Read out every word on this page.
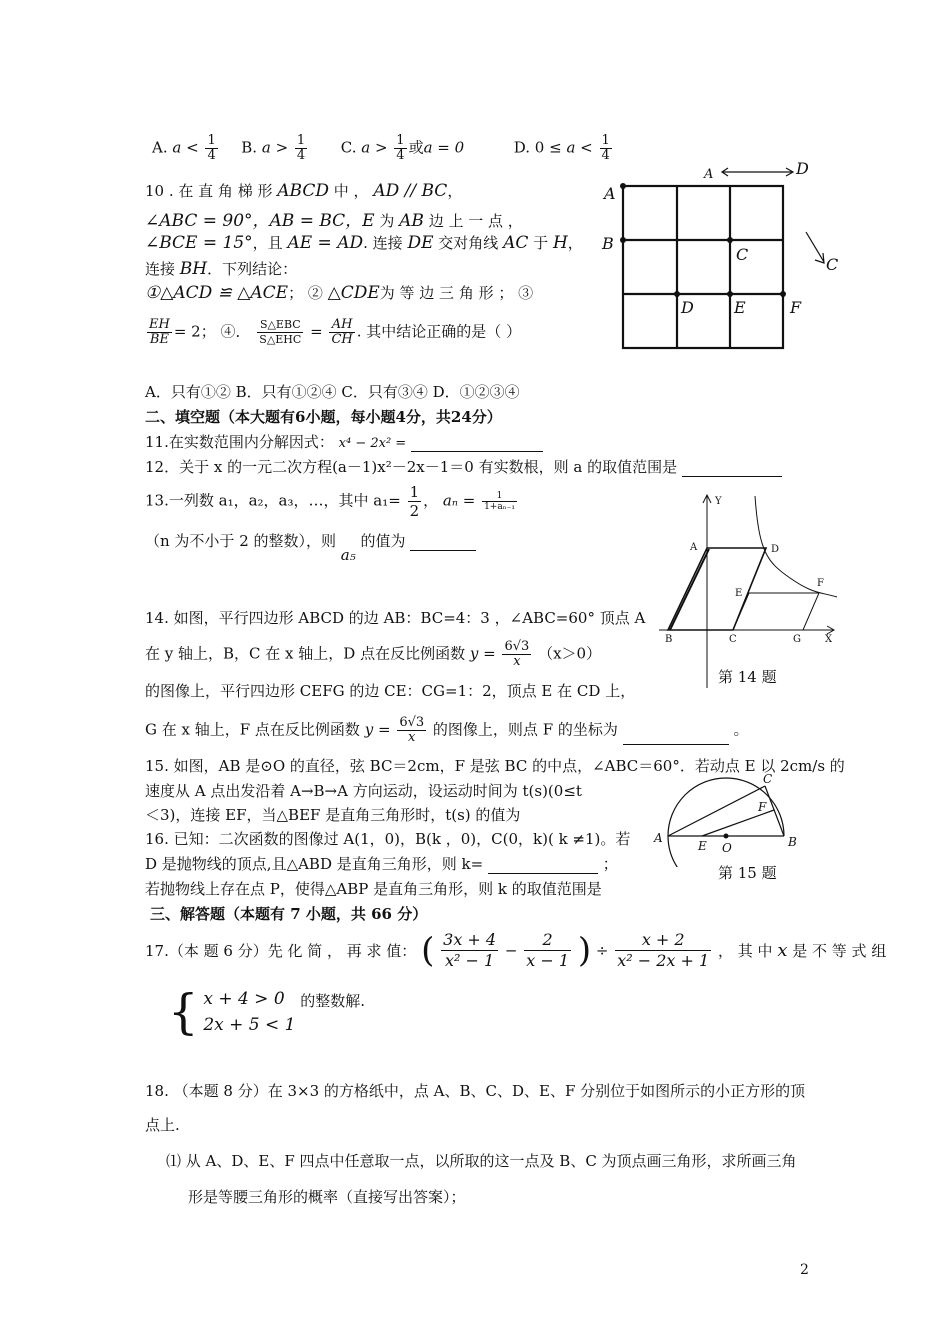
A. $a < \frac{1}{4} B$. $a > \frac{1}{4} C$. $a > \frac{1}{4}$ 或a = 0	D. $0 \le a < \frac{1}{4}$
10 . 在 直 角 梯 形 ABCD 中 ， AD // BC，
∠ABC = 90°，AB = BC，E 为 AB 边 上 一 点 ，
∠BCE = 15°，且 AE = AD. 连接 DE 交对角线 AC 于 H，
连接 BH．下列结论：
①△ACD ≌ △ACE； ② △CDE为 等 边 三 角 形 ； ③
$\frac{EH}{BE} = 2$； ④． $\frac{\text{S△EBC}}{\text{S△EHC}} = \frac{AH}{CH}$ . 其中结论正确的是（ ）
A．只有①② B．只有①②④ C．只有③④ D．①②③④
A
B
C
D	E	F
A	D
C
二、填空题（本大题有6小题，每小题4分，共24分）
11.在实数范围内分解因式： x⁴ − 2x² =
12．关于 x 的一元二次方程(a－1)x²－2x－1＝0 有实数根，则 a 的取值范围是
13.一列数 a₁，a₂，a₃，…，其中 $a_1= \frac{1}{2}$ ， $a_n = \frac{1}{\text{1+aₙ₋₁}}$
（n 为不小于 2 的整数），则 a₅ 的值为
Y
X
A
B	C
D
E
F
G
第 14 题
14. 如图，平行四边形 ABCD 的边 AB：BC=4：3 ，∠ABC=60° 顶点 A
在 y 轴上，B，C 在 x 轴上，D 点在反比例函数 $y = \frac{6√3}{x} (x>0)$
的图像上，平行四边形 CEFG 的边 CE：CG=1：2，顶点 E 在 CD 上，
G 在 x 轴上，F 点在反比例函数 $y = \frac{6√3}{x}$ 的图像上，则点 F 的坐标为	。
15. 如图，AB 是⊙O 的直径，弦 BC＝2cm，F 是弦 BC 的中点，∠ABC＝60°．若动点 E 以 2cm/s 的
速度从 A 点出发沿着 A→B→A 方向运动，设运动时间为 t(s)(0≤t
＜3)，连接 EF，当△BEF 是直角三角形时，t(s) 的值为
A	B
C
E
F
O
第 15 题
16. 已知：二次函数的图像过 A(1，0)，B(k ，0)，C(0，k)( k ≠1)。若
D 是抛物线的顶点,且△ABD 是直角三角形，则 k=	；
若抛物线上存在点 P，使得△ABP 是直角三角形，则 k 的取值范围是
三、解答题（本题有 7 小题，共 66 分）
17.（本 题 6 分）先 化 简 ， 再 求 值： ( $\frac{3x + 4}{\text{x² − 1}} - \frac{2}{x - 1}$ ) ÷ $\frac{x + 2}{\text{x² − 2x + 1}}$ ， 其 中 x 是 不 等 式 组
{ x + 4 > 0
2x + 5 < 1
的整数解.
18. （本题 8 分）在 3×3 的方格纸中，点 A、B、C、D、E、F 分别位于如图所示的小正方形的顶
点上.
⑴ 从 A、D、E、F 四点中任意取一点，以所取的这一点及 B、C 为顶点画三角形，求所画三角
形是等腰三角形的概率（直接写出答案）；
2
